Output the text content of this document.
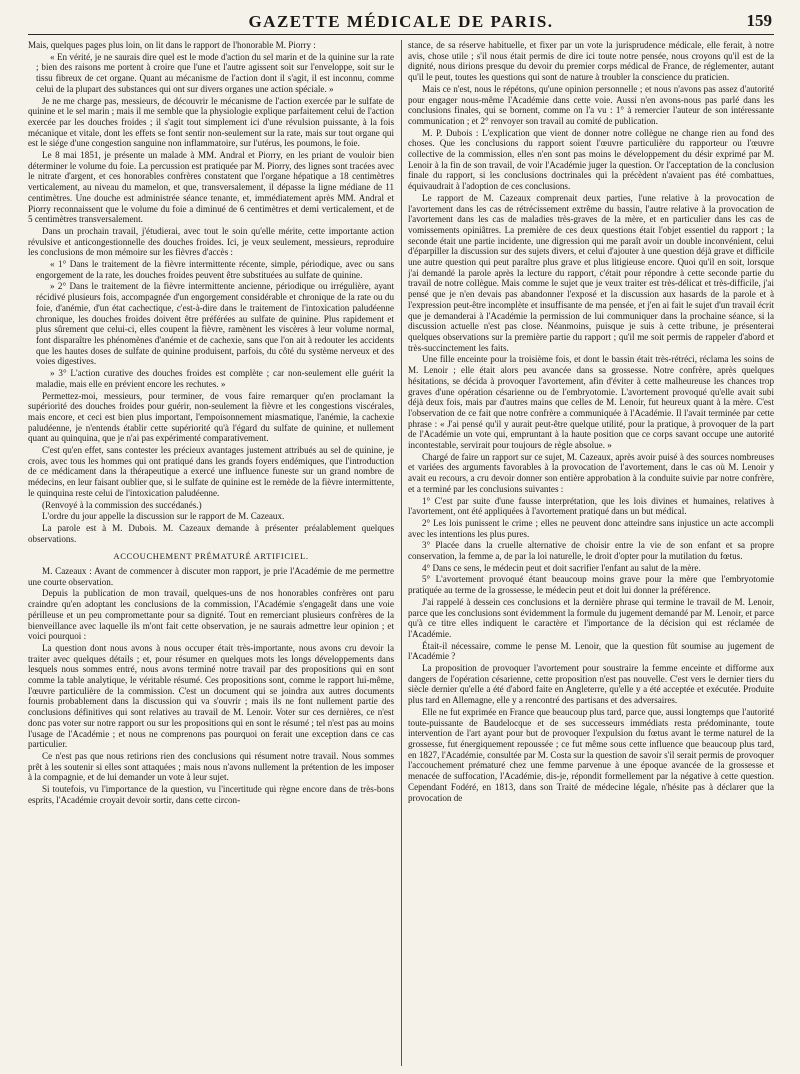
GAZETTE MÉDICALE DE PARIS.	159

Mais, quelques pages plus loin, on lit dans le rapport de l'honorable M. Piorry :

« En vérité, je ne saurais dire quel est le mode d'action du sel marin et de la quinine sur la rate ; bien des raisons me portent à croire que l'une et l'autre agissent soit sur l'enveloppe, soit sur le tissu fibreux de cet organe. Quant au mécanisme de l'action dont il s'agit, il est inconnu, comme celui de la plupart des substances qui ont sur divers organes une action spéciale. »

Je ne me charge pas, messieurs, de découvrir le mécanisme de l'action exercée par le sulfate de quinine et le sel marin ; mais il me semble que la physiologie explique parfaitement celui de l'action exercée par les douches froides ; il s'agit tout simplement ici d'une révulsion puissante, à la fois mécanique et vitale, dont les effets se font sentir non-seulement sur la rate, mais sur tout organe qui est le siége d'une congestion sanguine non inflammatoire, sur l'utérus, les poumons, le foie.

Le 8 mai 1851, je présente un malade à MM. Andral et Piorry, en les priant de vouloir bien déterminer le volume du foie. La percussion est pratiquée par M. Piorry, des lignes sont tracées avec le nitrate d'argent, et ces honorables confrères constatent que l'organe hépatique a 18 centimètres verticalement, au niveau du mamelon, et que, transversalement, il dépasse la ligne médiane de 11 centimètres. Une douche est administrée séance tenante, et, immédiatement après MM. Andral et Piorry reconnaissent que le volume du foie a diminué de 6 centimètres et demi verticalement, et de 5 centimètres transversalement.

Dans un prochain travail, j'étudierai, avec tout le soin qu'elle mérite, cette importante action révulsive et anticongestionnelle des douches froides. Ici, je veux seulement, messieurs, reproduire les conclusions de mon mémoire sur les fièvres d'accès :

« 1° Dans le traitement de la fièvre intermittente récente, simple, périodique, avec ou sans engorgement de la rate, les douches froides peuvent être substituées au sulfate de quinine.

» 2° Dans le traitement de la fièvre intermittente ancienne, périodique ou irrégulière, ayant récidivé plusieurs fois, accompagnée d'un engorgement considérable et chronique de la rate ou du foie, d'anémie, d'un état cachectique, c'est-à-dire dans le traitement de l'intoxication paludéenne chronique, les douches froides doivent être préférées au sulfate de quinine. Plus rapidement et plus sûrement que celui-ci, elles coupent la fièvre, ramènent les viscères à leur volume normal, font disparaître les phénomènes d'anémie et de cachexie, sans que l'on ait à redouter les accidents que les hautes doses de sulfate de quinine produisent, parfois, du côté du système nerveux et des voies digestives.

» 3° L'action curative des douches froides est complète ; car non-seulement elle guérit la maladie, mais elle en prévient encore les rechutes. »

Permettez-moi, messieurs, pour terminer, de vous faire remarquer qu'en proclamant la supériorité des douches froides pour guérir, non-seulement la fièvre et les congestions viscérales, mais encore, et ceci est bien plus important, l'empoisonnement miasmatique, l'anémie, la cachexie paludéenne, je n'entends établir cette supériorité qu'à l'égard du sulfate de quinine, et nullement quant au quinquina, que je n'ai pas expérimenté comparativement.

C'est qu'en effet, sans contester les précieux avantages justement attribués au sel de quinine, je crois, avec tous les hommes qui ont pratiqué dans les grands foyers endémiques, que l'introduction de ce médicament dans la thérapeutique a exercé une influence funeste sur un grand nombre de médecins, en leur faisant oublier que, si le sulfate de quinine est le remède de la fièvre intermittente, le quinquina reste celui de l'intoxication paludéenne.

(Renvoyé à la commission des succédanés.)

L'ordre du jour appelle la discussion sur le rapport de M. Cazeaux.

La parole est à M. Dubois. M. Cazeaux demande à présenter préalablement quelques observations.

ACCOUCHEMENT PRÉMATURÉ ARTIFICIEL.

M. Cazeaux : Avant de commencer à discuter mon rapport, je prie l'Académie de me permettre une courte observation.

Depuis la publication de mon travail, quelques-uns de nos honorables confrères ont paru craindre qu'en adoptant les conclusions de la commission, l'Académie s'engageât dans une voie périlleuse et un peu compromettante pour sa dignité. Tout en remerciant plusieurs confrères de la bienveillance avec laquelle ils m'ont fait cette observation, je ne saurais admettre leur opinion ; et voici pourquoi :

La question dont nous avons à nous occuper était très-importante, nous avons cru devoir la traiter avec quelques détails ; et, pour résumer en quelques mots les longs développements dans lesquels nous sommes entré, nous avons terminé notre travail par des propositions qui en sont comme la table analytique, le véritable résumé. Ces propositions sont, comme le rapport lui-même, l'œuvre particulière de la commission. C'est un document qui se joindra aux autres documents fournis probablement dans la discussion qui va s'ouvrir ; mais ils ne font nullement partie des conclusions définitives qui sont relatives au travail de M. Lenoir. Voter sur ces dernières, ce n'est donc pas voter sur notre rapport ou sur les propositions qui en sont le résumé ; tel n'est pas au moins l'usage de l'Académie ; et nous ne comprenons pas pourquoi on ferait une exception dans ce cas particulier.

Ce n'est pas que nous retirions rien des conclusions qui résument notre travail. Nous sommes prêt à les soutenir si elles sont attaquées ; mais nous n'avons nullement la prétention de les imposer à la compagnie, et de lui demander un vote à leur sujet.

Si toutefois, vu l'importance de la question, vu l'incertitude qui règne encore dans de très-bons esprits, l'Académie croyait devoir sortir, dans cette circon-

stance, de sa réserve habituelle, et fixer par un vote la jurisprudence médicale, elle ferait, à notre avis, chose utile ; s'il nous était permis de dire ici toute notre pensée, nous croyons qu'il est de la dignité, nous dirions presque du devoir du premier corps médical de France, de réglementer, autant qu'il le peut, toutes les questions qui sont de nature à troubler la conscience du praticien.

Mais ce n'est, nous le répétons, qu'une opinion personnelle ; et nous n'avons pas assez d'autorité pour engager nous-même l'Académie dans cette voie. Aussi n'en avons-nous pas parlé dans les conclusions finales, qui se bornent, comme on l'a vu : 1° à remercier l'auteur de son intéressante communication ; et 2° renvoyer son travail au comité de publication.

M. P. Dubois : L'explication que vient de donner notre collègue ne change rien au fond des choses. Que les conclusions du rapport soient l'œuvre particulière du rapporteur ou l'œuvre collective de la commission, elles n'en sont pas moins le développement du désir exprimé par M. Lenoir à la fin de son travail, de voir l'Académie juger la question. Or l'acceptation de la conclusion finale du rapport, si les conclusions doctrinales qui la précèdent n'avaient pas été combattues, équivaudrait à l'adoption de ces conclusions.

Le rapport de M. Cazeaux comprenait deux parties, l'une relative à la provocation de l'avortement dans les cas de rétrécissement extrême du bassin, l'autre relative à la provocation de l'avortement dans les cas de maladies très-graves de la mère, et en particulier dans les cas de vomissements opiniâtres. La première de ces deux questions était l'objet essentiel du rapport ; la seconde était une partie incidente, une digression qui me paraît avoir un double inconvénient, celui d'éparpiller la discussion sur des sujets divers, et celui d'ajouter à une question déjà grave et difficile une autre question qui peut paraître plus grave et plus litigieuse encore. Quoi qu'il en soit, lorsque j'ai demandé la parole après la lecture du rapport, c'était pour répondre à cette seconde partie du travail de notre collègue. Mais comme le sujet que je veux traiter est très-délicat et très-difficile, j'ai pensé que je n'en devais pas abandonner l'exposé et la discussion aux hasards de la parole et à l'expression peut-être incomplète et insuffisante de ma pensée, et j'en ai fait le sujet d'un travail écrit que je demanderai à l'Académie la permission de lui communiquer dans la prochaine séance, si la discussion actuelle n'est pas close. Néanmoins, puisque je suis à cette tribune, je présenterai quelques observations sur la première partie du rapport ; qu'il me soit permis de rappeler d'abord et très-succinctement les faits.

Une fille enceinte pour la troisième fois, et dont le bassin était très-rétréci, réclama les soins de M. Lenoir ; elle était alors peu avancée dans sa grossesse. Notre confrère, après quelques hésitations, se décida à provoquer l'avortement, afin d'éviter à cette malheureuse les chances trop graves d'une opération césarienne ou de l'embryotomie. L'avortement provoqué qu'elle avait subi déjà deux fois, mais par d'autres mains que celles de M. Lenoir, fut heureux quant à la mère. C'est l'observation de ce fait que notre confrère a communiquée à l'Académie. Il l'avait terminée par cette phrase : « J'ai pensé qu'il y aurait peut-être quelque utilité, pour la pratique, à provoquer de la part de l'Académie un vote qui, empruntant à la haute position que ce corps savant occupe une autorité incontestable, servirait pour toujours de règle absolue. »

Chargé de faire un rapport sur ce sujet, M. Cazeaux, après avoir puisé à des sources nombreuses et variées des arguments favorables à la provocation de l'avortement, dans le cas où M. Lenoir y avait eu recours, a cru devoir donner son entière approbation à la conduite suivie par notre confrère, et a terminé par les conclusions suivantes :

1° C'est par suite d'une fausse interprétation, que les lois divines et humaines, relatives à l'avortement, ont été appliquées à l'avortement pratiqué dans un but médical.

2° Les lois punissent le crime ; elles ne peuvent donc atteindre sans injustice un acte accompli avec les intentions les plus pures.

3° Placée dans la cruelle alternative de choisir entre la vie de son enfant et sa propre conservation, la femme a, de par la loi naturelle, le droit d'opter pour la mutilation du fœtus.

4° Dans ce sens, le médecin peut et doit sacrifier l'enfant au salut de la mère.

5° L'avortement provoqué étant beaucoup moins grave pour la mère que l'embryotomie pratiquée au terme de la grossesse, le médecin peut et doit lui donner la préférence.

J'ai rappelé à dessein ces conclusions et la dernière phrase qui termine le travail de M. Lenoir, parce que les conclusions sont évidemment la formule du jugement demandé par M. Lenoir, et parce qu'à ce titre elles indiquent le caractère et l'importance de la décision qui est réclamée de l'Académie.

Était-il nécessaire, comme le pense M. Lenoir, que la question fût soumise au jugement de l'Académie ?

La proposition de provoquer l'avortement pour soustraire la femme enceinte et difforme aux dangers de l'opération césarienne, cette proposition n'est pas nouvelle. C'est vers le dernier tiers du siècle dernier qu'elle a été d'abord faite en Angleterre, qu'elle y a été acceptée et exécutée. Produite plus tard en Allemagne, elle y a rencontré des partisans et des adversaires.

Elle ne fut exprimée en France que beaucoup plus tard, parce que, aussi longtemps que l'autorité toute-puissante de Baudelocque et de ses successeurs immédiats resta prédominante, toute intervention de l'art ayant pour but de provoquer l'expulsion du fœtus avant le terme naturel de la grossesse, fut énergiquement repoussée ; ce fut même sous cette influence que beaucoup plus tard, en 1827, l'Académie, consultée par M. Costa sur la question de savoir s'il serait permis de provoquer l'accouchement prématuré chez une femme parvenue à une époque avancée de la grossesse et menacée de suffocation, l'Académie, dis-je, répondit formellement par la négative à cette question. Cependant Fodéré, en 1813, dans son Traité de médecine légale, n'hésite pas à déclarer que la provocation de
